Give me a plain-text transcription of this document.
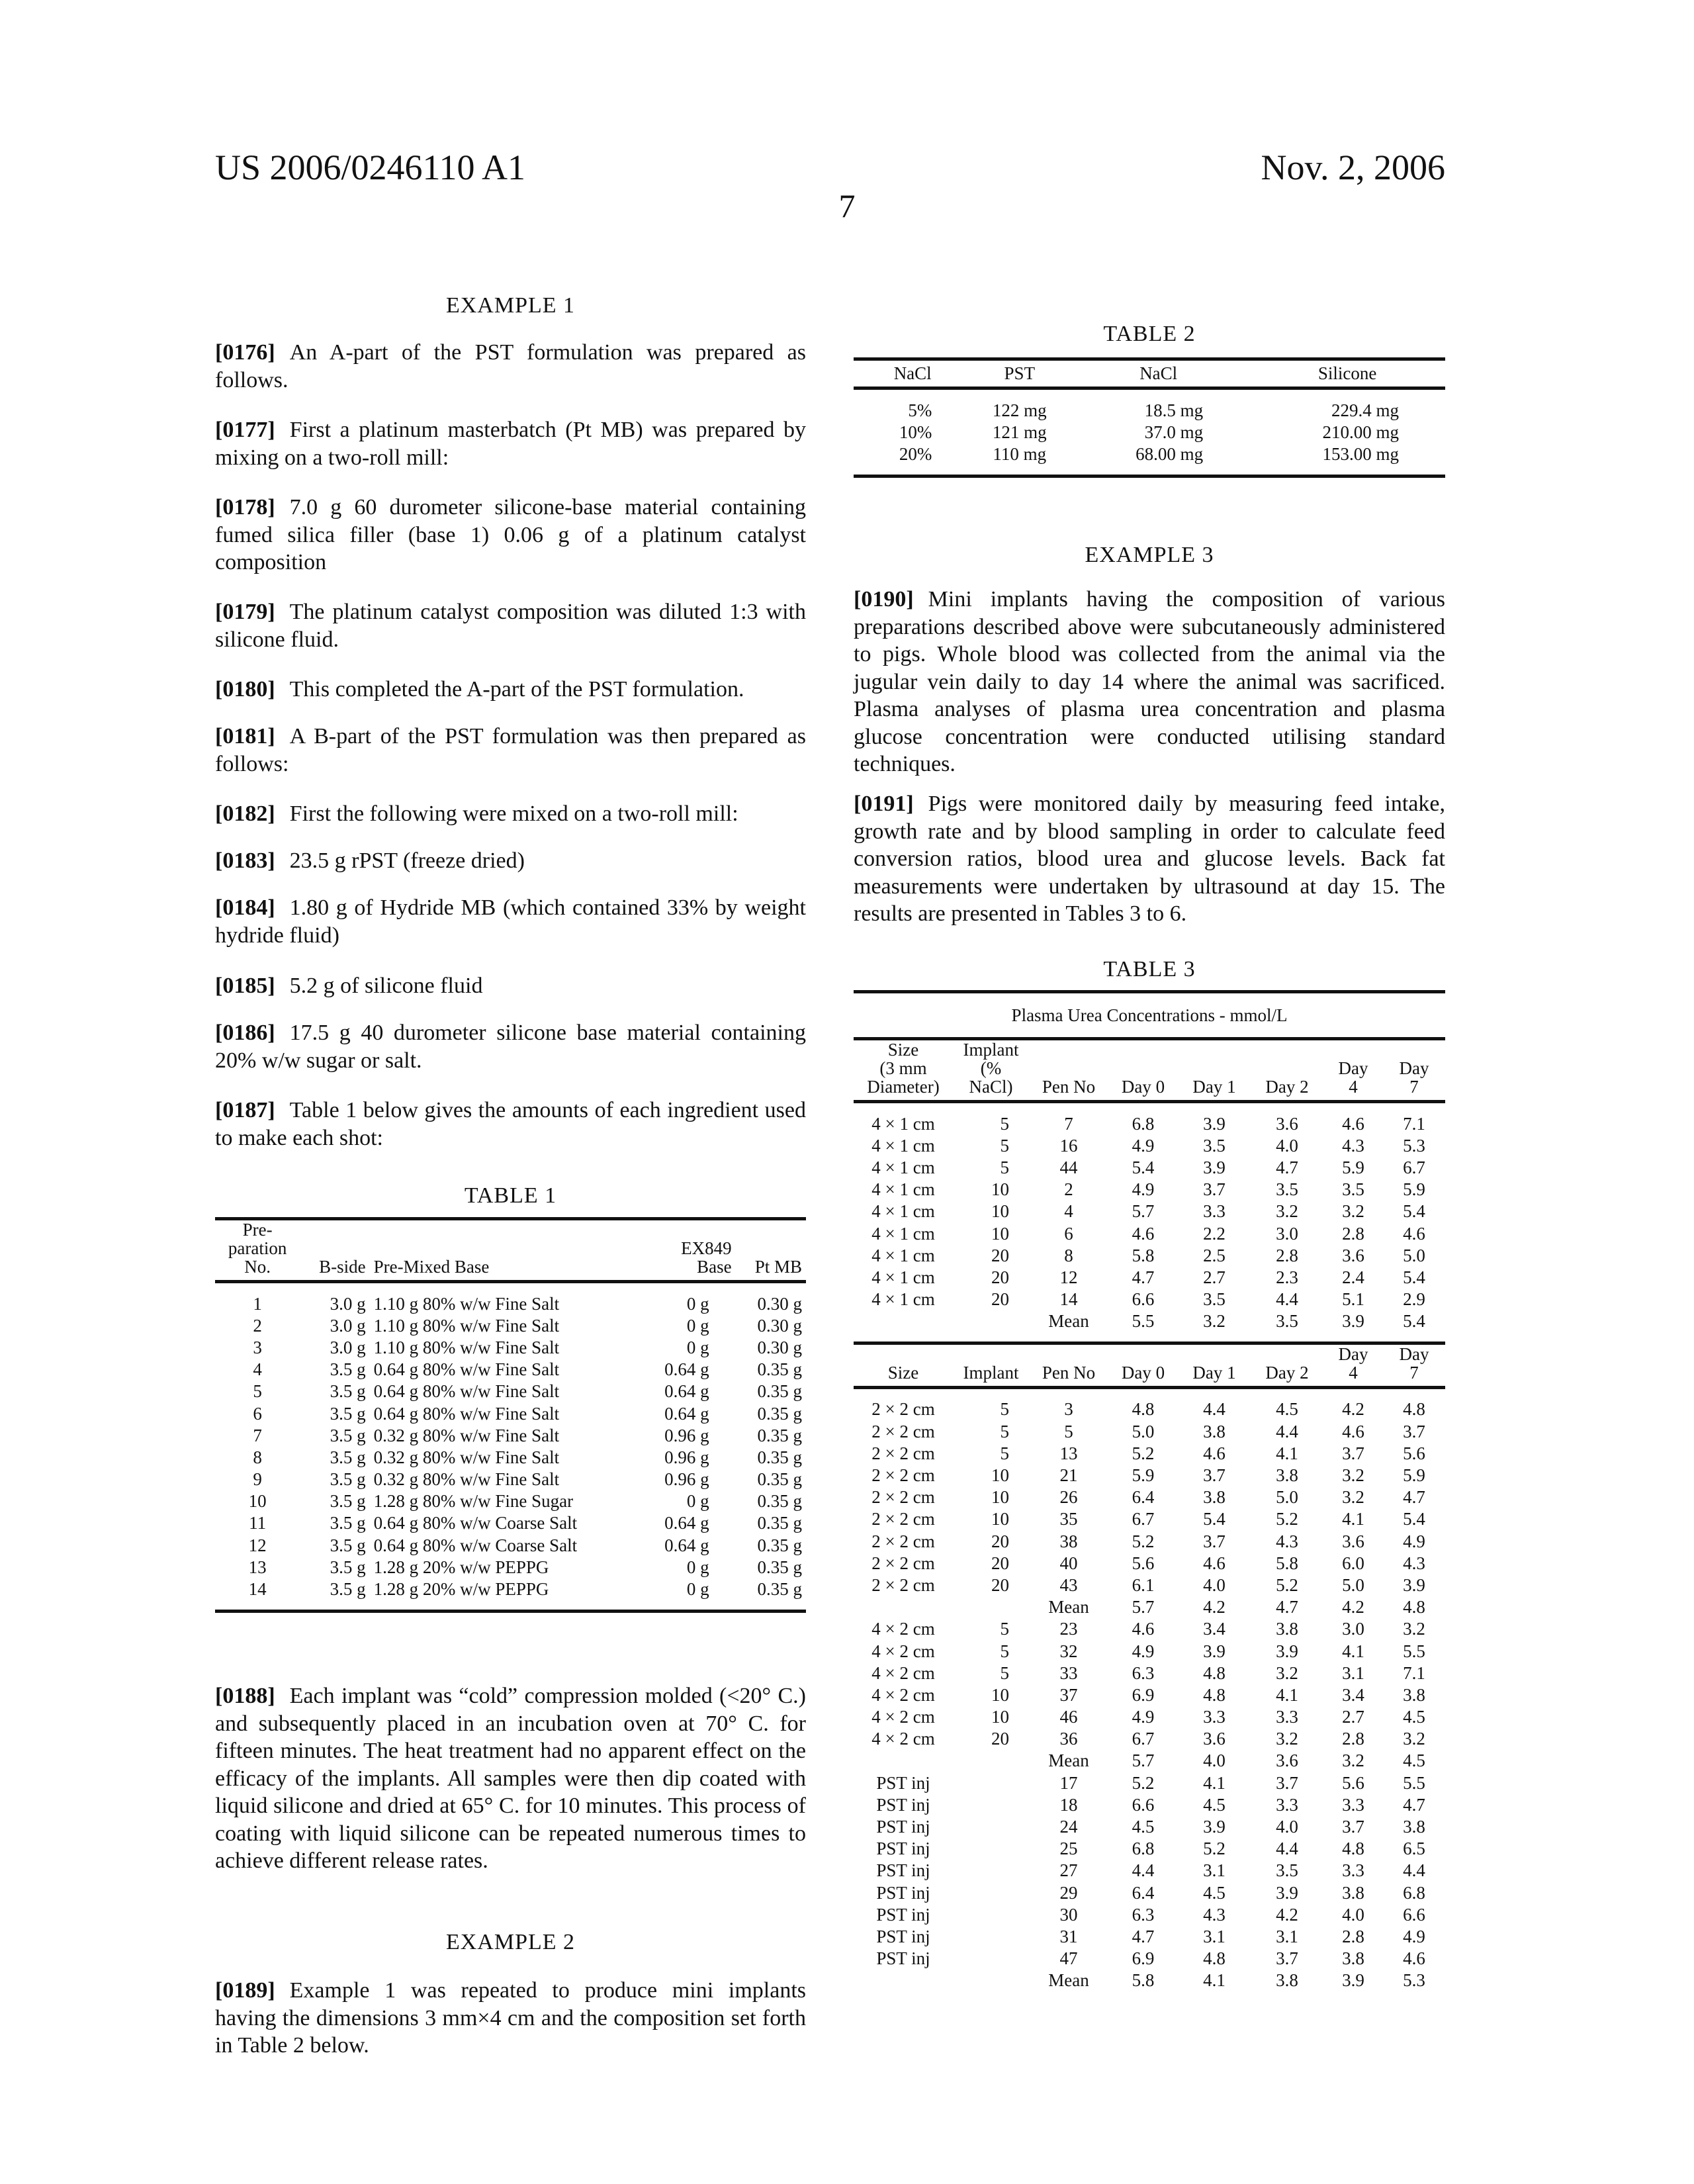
US 2006/0246110 A1	Nov. 2, 2006
7
EXAMPLE 1

[0176] An A-part of the PST formulation was prepared as follows.

[0177] First a platinum masterbatch (Pt MB) was prepared by mixing on a two-roll mill:

[0178] 7.0 g 60 durometer silicone-base material containing fumed silica filler (base 1) 0.06 g of a platinum catalyst composition

[0179] The platinum catalyst composition was diluted 1:3 with silicone fluid.

[0180] This completed the A-part of the PST formulation.

[0181] A B-part of the PST formulation was then prepared as follows:

[0182] First the following were mixed on a two-roll mill:

[0183] 23.5 g rPST (freeze dried)

[0184] 1.80 g of Hydride MB (which contained 33% by weight hydride fluid)

[0185] 5.2 g of silicone fluid

[0186] 17.5 g 40 durometer silicone base material containing 20% w/w sugar or salt.

[0187] Table 1 below gives the amounts of each ingredient used to make each shot:

TABLE 1
Pre-
paration
No.	B-side	Pre-Mixed Base	EX849
Base	Pt MB

1	3.0 g	1.10 g 80% w/w Fine Salt	0 g	0.30 g
2	3.0 g	1.10 g 80% w/w Fine Salt	0 g	0.30 g
3	3.0 g	1.10 g 80% w/w Fine Salt	0 g	0.30 g
4	3.5 g	0.64 g 80% w/w Fine Salt	0.64 g	0.35 g
5	3.5 g	0.64 g 80% w/w Fine Salt	0.64 g	0.35 g
6	3.5 g	0.64 g 80% w/w Fine Salt	0.64 g	0.35 g
7	3.5 g	0.32 g 80% w/w Fine Salt	0.96 g	0.35 g
8	3.5 g	0.32 g 80% w/w Fine Salt	0.96 g	0.35 g
9	3.5 g	0.32 g 80% w/w Fine Salt	0.96 g	0.35 g
10	3.5 g	1.28 g 80% w/w Fine Sugar	0 g	0.35 g
11	3.5 g	0.64 g 80% w/w Coarse Salt	0.64 g	0.35 g
12	3.5 g	0.64 g 80% w/w Coarse Salt	0.64 g	0.35 g
13	3.5 g	1.28 g 20% w/w PEPPG	0 g	0.35 g
14	3.5 g	1.28 g 20% w/w PEPPG	0 g	0.35 g

[0188] Each implant was “cold” compression molded (<20° C.) and subsequently placed in an incubation oven at 70° C. for fifteen minutes. The heat treatment had no apparent effect on the efficacy of the implants. All samples were then dip coated with liquid silicone and dried at 65° C. for 10 minutes. This process of coating with liquid silicone can be repeated numerous times to achieve different release rates.

EXAMPLE 2

[0189] Example 1 was repeated to produce mini implants having the dimensions 3 mm×4 cm and the composition set forth in Table 2 below.

TABLE 2
NaCl	PST	NaCl	Silicone

5%	122 mg	18.5 mg	229.4 mg
10%	121 mg	37.0 mg	210.00 mg
20%	110 mg	68.00 mg	153.00 mg

EXAMPLE 3

[0190] Mini implants having the composition of various preparations described above were subcutaneously administered to pigs. Whole blood was collected from the animal via the jugular vein daily to day 14 where the animal was sacrificed. Plasma analyses of plasma urea concentration and plasma glucose concentration were conducted utilising standard techniques.

[0191] Pigs were monitored daily by measuring feed intake, growth rate and by blood sampling in order to calculate feed conversion ratios, blood urea and glucose levels. Back fat measurements were undertaken by ultrasound at day 15. The results are presented in Tables 3 to 6.

TABLE 3
Plasma Urea Concentrations - mmol/L
Size
(3 mm
Diameter)	Implant
(%
NaCl)	Pen No	Day 0	Day 1	Day 2	Day
4	Day
7

4 × 1 cm	5	7	6.8	3.9	3.6	4.6	7.1
4 × 1 cm	5	16	4.9	3.5	4.0	4.3	5.3
4 × 1 cm	5	44	5.4	3.9	4.7	5.9	6.7
4 × 1 cm	10	2	4.9	3.7	3.5	3.5	5.9
4 × 1 cm	10	4	5.7	3.3	3.2	3.2	5.4
4 × 1 cm	10	6	4.6	2.2	3.0	2.8	4.6
4 × 1 cm	20	8	5.8	2.5	2.8	3.6	5.0
4 × 1 cm	20	12	4.7	2.7	2.3	2.4	5.4
4 × 1 cm	20	14	6.6	3.5	4.4	5.1	2.9
		Mean	5.5	3.2	3.5	3.9	5.4

Size	Implant	Pen No	Day 0	Day 1	Day 2	Day
4	Day
7

2 × 2 cm	5	3	4.8	4.4	4.5	4.2	4.8
2 × 2 cm	5	5	5.0	3.8	4.4	4.6	3.7
2 × 2 cm	5	13	5.2	4.6	4.1	3.7	5.6
2 × 2 cm	10	21	5.9	3.7	3.8	3.2	5.9
2 × 2 cm	10	26	6.4	3.8	5.0	3.2	4.7
2 × 2 cm	10	35	6.7	5.4	5.2	4.1	5.4
2 × 2 cm	20	38	5.2	3.7	4.3	3.6	4.9
2 × 2 cm	20	40	5.6	4.6	5.8	6.0	4.3
2 × 2 cm	20	43	6.1	4.0	5.2	5.0	3.9
		Mean	5.7	4.2	4.7	4.2	4.8
4 × 2 cm	5	23	4.6	3.4	3.8	3.0	3.2
4 × 2 cm	5	32	4.9	3.9	3.9	4.1	5.5
4 × 2 cm	5	33	6.3	4.8	3.2	3.1	7.1
4 × 2 cm	10	37	6.9	4.8	4.1	3.4	3.8
4 × 2 cm	10	46	4.9	3.3	3.3	2.7	4.5
4 × 2 cm	20	36	6.7	3.6	3.2	2.8	3.2
		Mean	5.7	4.0	3.6	3.2	4.5
PST inj		17	5.2	4.1	3.7	5.6	5.5
PST inj		18	6.6	4.5	3.3	3.3	4.7
PST inj		24	4.5	3.9	4.0	3.7	3.8
PST inj		25	6.8	5.2	4.4	4.8	6.5
PST inj		27	4.4	3.1	3.5	3.3	4.4
PST inj		29	6.4	4.5	3.9	3.8	6.8
PST inj		30	6.3	4.3	4.2	4.0	6.6
PST inj		31	4.7	3.1	3.1	2.8	4.9
PST inj		47	6.9	4.8	3.7	3.8	4.6
		Mean	5.8	4.1	3.8	3.9	5.3
